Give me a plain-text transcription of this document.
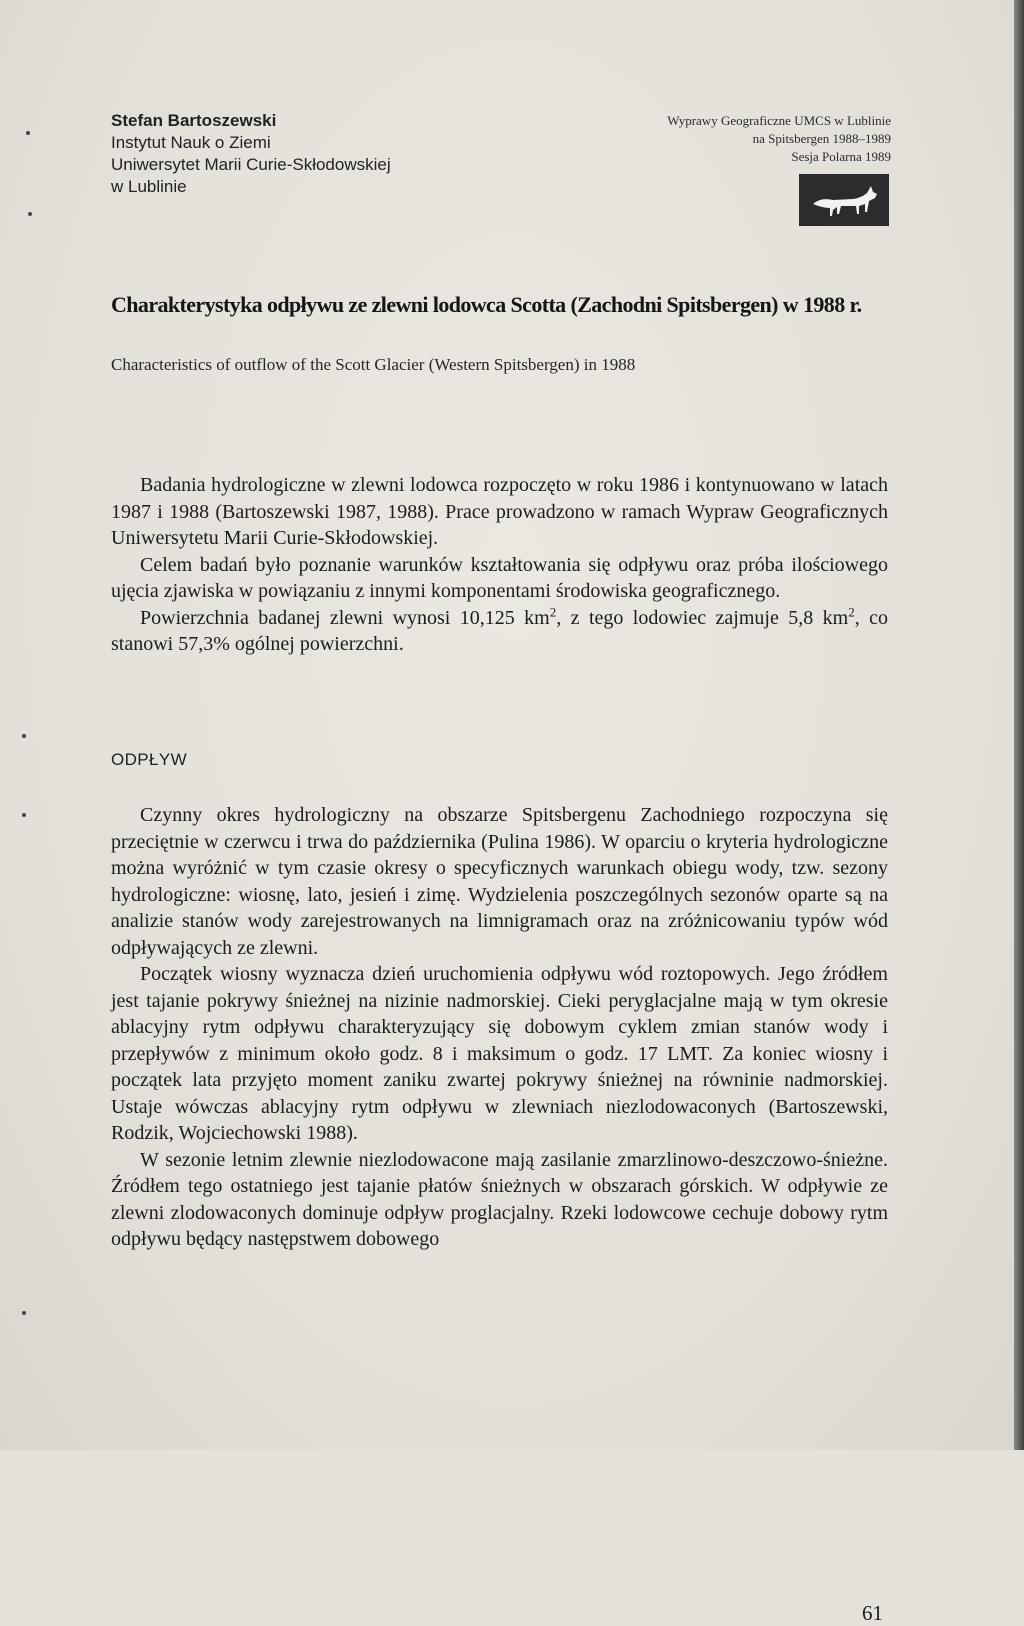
Stefan Bartoszewski
Instytut Nauk o Ziemi
Uniwersytet Marii Curie-Skłodowskiej
w Lublinie
Wyprawy Geograficzne UMCS w Lublinie
na Spitsbergen 1988–1989
Sesja Polarna 1989
Charakterystyka odpływu ze zlewni lodowca Scotta (Zachodni Spitsbergen) w 1988 r.
Characteristics of outflow of the Scott Glacier (Western Spitsbergen) in 1988

Badania hydrologiczne w zlewni lodowca rozpoczęto w roku 1986 i kontynuowano w latach 1987 i 1988 (Bartoszewski 1987, 1988). Prace prowadzono w ramach Wypraw Geograficznych Uniwersytetu Marii Curie-Skłodowskiej.

Celem badań było poznanie warunków kształtowania się odpływu oraz próba ilościowego ujęcia zjawiska w powiązaniu z innymi komponentami środowiska geograficznego.

Powierzchnia badanej zlewni wynosi 10,125 $km^2$, z tego lodowiec zajmuje 5,8 $km^2$, co stanowi 57,3% ogólnej powierzchni.

ODPŁYW

Czynny okres hydrologiczny na obszarze Spitsbergenu Zachodniego rozpoczyna się przeciętnie w czerwcu i trwa do października (Pulina 1986). W oparciu o kryteria hydrologiczne można wyróżnić w tym czasie okresy o specyficznych warunkach obiegu wody, tzw. sezony hydrologiczne: wiosnę, lato, jesień i zimę. Wydzielenia poszczególnych sezonów oparte są na analizie stanów wody zarejestrowanych na limnigramach oraz na zróżnicowaniu typów wód odpływających ze zlewni.

Początek wiosny wyznacza dzień uruchomienia odpływu wód roztopowych. Jego źródłem jest tajanie pokrywy śnieżnej na nizinie nadmorskiej. Cieki peryglacjalne mają w tym okresie ablacyjny rytm odpływu charakteryzujący się dobowym cyklem zmian stanów wody i przepływów z minimum około godz. 8 i maksimum o godz. 17 LMT. Za koniec wiosny i początek lata przyjęto moment zaniku zwartej pokrywy śnieżnej na równinie nadmorskiej. Ustaje wówczas ablacyjny rytm odpływu w zlewniach niezlodowaconych (Bartoszewski, Rodzik, Wojciechowski 1988).

W sezonie letnim zlewnie niezlodowacone mają zasilanie zmarzlinowo-deszczowo-śnieżne. Źródłem tego ostatniego jest tajanie płatów śnieżnych w obszarach górskich. W odpływie ze zlewni zlodowaconych dominuje odpływ proglacjalny. Rzeki lodowcowe cechuje dobowy rytm odpływu będący następstwem dobowego

61
